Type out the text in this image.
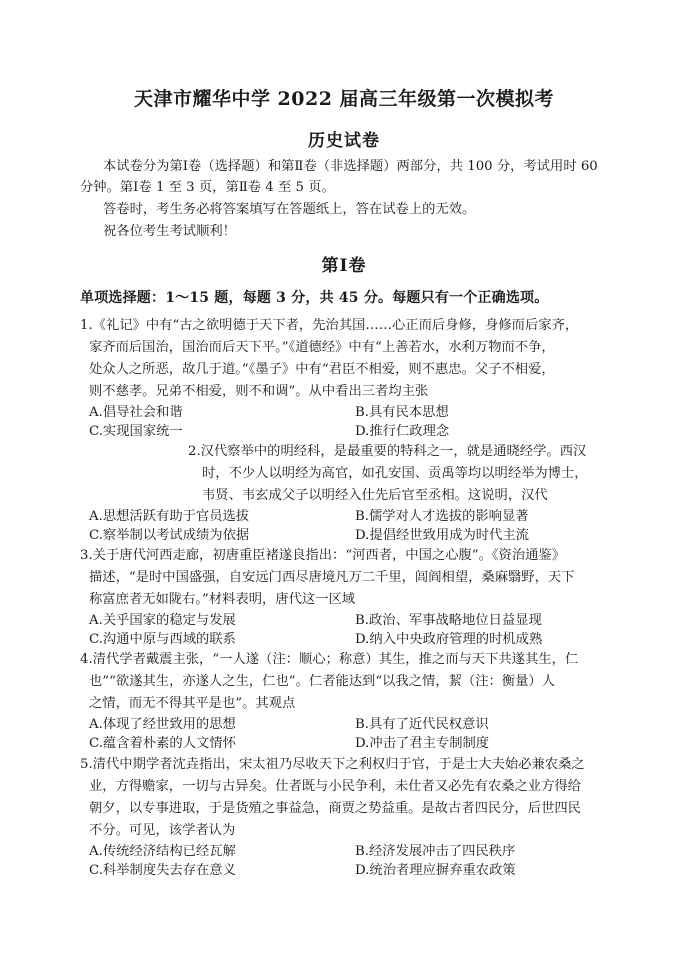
天津市耀华中学 2022 届高三年级第一次模拟考
历史试卷
本试卷分为第Ⅰ卷（选择题）和第Ⅱ卷（非选择题）两部分，共 100 分，考试用时 60
分钟。第Ⅰ卷 1 至 3 页，第Ⅱ卷 4 至 5 页。
答卷时，考生务必将答案填写在答题纸上，答在试卷上的无效。
祝各位考生考试顺利！
第Ⅰ卷
单项选择题：1～15 题，每题 3 分，共 45 分。每题只有一个正确选项。
1.《礼记》中有“古之欲明德于天下者，先治其国……心正而后身修，身修而后家齐，
家齐而后国治，国治而后天下平。”《道德经》中有“上善若水，水利万物而不争，
处众人之所恶，故几于道。”《墨子》中有“君臣不相爱，则不惠忠。父子不相爱，
则不慈孝。兄弟不相爱，则不和调”。从中看出三者均主张
A.倡导社会和谐	B.具有民本思想
C.实现国家统一	D.推行仁政理念
2.汉代察举中的明经科，是最重要的特科之一，就是通晓经学。西汉
时，不少人以明经为高官，如孔安国、贡禹等均以明经举为博士，
韦贤、韦玄成父子以明经入仕先后官至丞相。这说明，汉代
A.思想活跃有助于官员选拔	B.儒学对人才选拔的影响显著
C.察举制以考试成绩为依据	D.提倡经世致用成为时代主流
3.关于唐代河西走廊，初唐重臣褚遂良指出：“河西者，中国之心腹”。《资治通鉴》
描述，“是时中国盛强，自安远门西尽唐境凡万二千里，闾阎相望，桑麻翳野，天下
称富庶者无如陇右。”材料表明，唐代这一区域
A.关乎国家的稳定与发展	B.政治、军事战略地位日益显现
C.沟通中原与西域的联系	D.纳入中央政府管理的时机成熟
4.清代学者戴震主张，“一人遂（注：顺心；称意）其生，推之而与天下共遂其生，仁
也”“欲遂其生，亦遂人之生，仁也”。仁者能达到“以我之情，絜（注：衡量）人
之情，而无不得其平是也”。其观点
A.体现了经世致用的思想	B.具有了近代民权意识
C.蕴含着朴素的人文情怀	D.冲击了君主专制制度
5.清代中期学者沈垚指出，宋太祖乃尽收天下之利权归于官，于是士大夫始必兼农桑之
业，方得赡家，一切与古异矣。仕者既与小民争利，未仕者又必先有农桑之业方得给
朝夕，以专事进取，于是货殖之事益急，商贾之势益重。是故古者四民分，后世四民
不分。可见，该学者认为
A.传统经济结构已经瓦解	B.经济发展冲击了四民秩序
C.科举制度失去存在意义	D.统治者理应摒弃重农政策
